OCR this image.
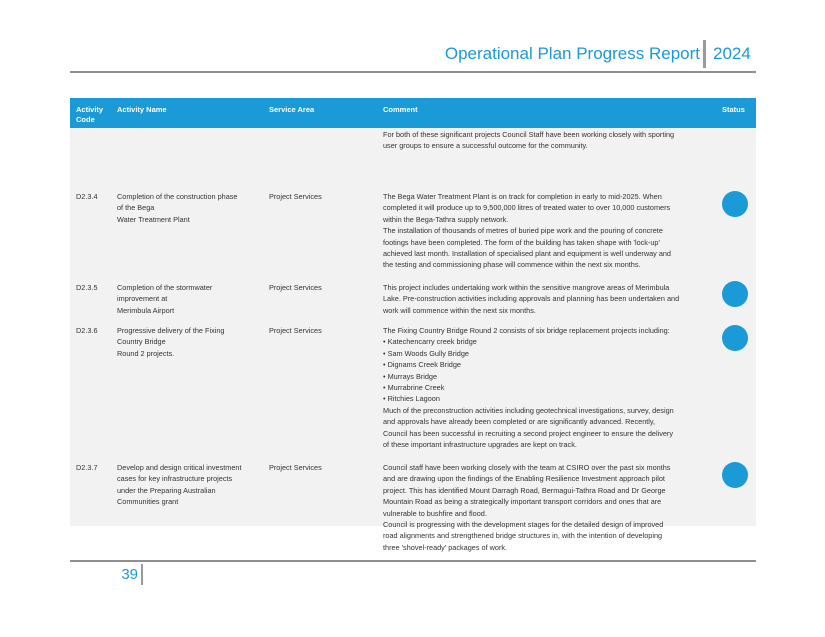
Operational Plan Progress Report 2024
Activity Code
Activity Name	Service Area	Comment	Status
For both of these significant projects Council Staff have been working closely with sporting
user groups to ensure a successful outcome for the community.
D2.3.4	Completion of the construction phase
of the Bega
Water Treatment Plant
Project Services	The Bega Water Treatment Plant is on track for completion in early to mid-2025. When
completed it will produce up to 9,500,000 litres of treated water to over 10,000 customers
within the Bega-Tathra supply network.
The installation of thousands of metres of buried pipe work and the pouring of concrete
footings have been completed. The form of the building has taken shape with 'lock-up'
achieved last month. Installation of specialised plant and equipment is well underway and
the testing and commissioning phase will commence within the next six months.
D2.3.5	Completion of the stormwater
improvement at
Merimbula Airport
Project Services	This project includes undertaking work within the sensitive mangrove areas of Merimbula
Lake. Pre-construction activities including approvals and planning has been undertaken and
work will commence within the next six months.
D2.3.6	Progressive delivery of the Fixing
Country Bridge
Round 2 projects.
Project Services	The Fixing Country Bridge Round 2 consists of six bridge replacement projects including:
• Katechencarry creek bridge
• Sam Woods Gully Bridge
• Dignams Creek Bridge
• Murrays Bridge
• Murrabrine Creek
• Ritchies Lagoon
Much of the preconstruction activities including geotechnical investigations, survey, design
and approvals have already been completed or are significantly advanced. Recently,
Council has been successful in recruiting a second project engineer to ensure the delivery
of these important infrastructure upgrades are kept on track.
D2.3.7	Develop and design critical investment
cases for key infrastructure projects
under the Preparing Australian
Communities grant
Project Services	Council staff have been working closely with the team at CSIRO over the past six months
and are drawing upon the findings of the Enabling Resilience Investment approach pilot
project. This has identified Mount Darragh Road, Bermagui-Tathra Road and Dr George
Mountain Road as being a strategically important transport corridors and ones that are
vulnerable to bushfire and flood.
Council is progressing with the development stages for the detailed design of improved
road alignments and strengthened bridge structures in, with the intention of developing
three 'shovel-ready' packages of work.
39
